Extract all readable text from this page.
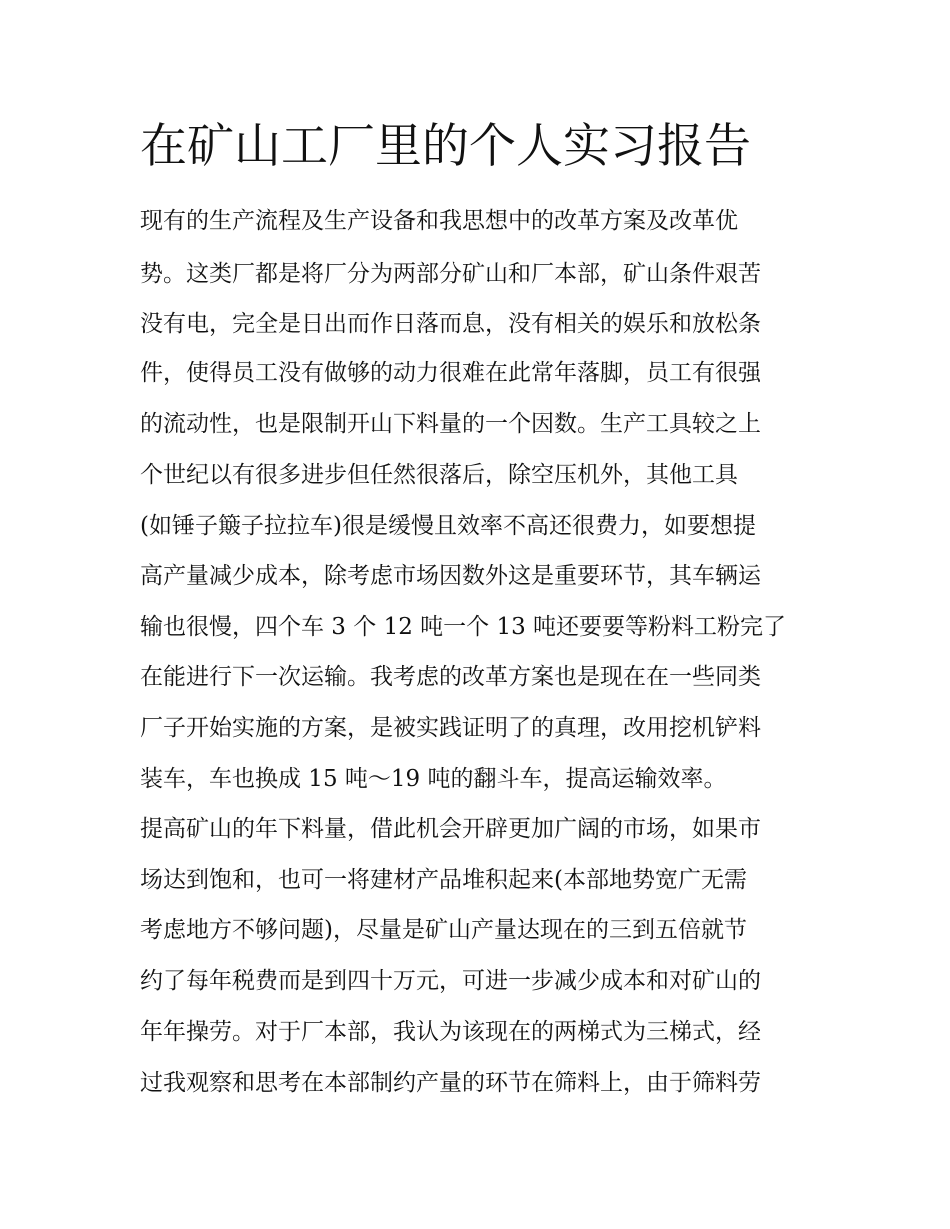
在矿山工厂里的个人实习报告
现有的生产流程及生产设备和我思想中的改革方案及改革优
势。这类厂都是将厂分为两部分矿山和厂本部，矿山条件艰苦
没有电，完全是日出而作日落而息，没有相关的娱乐和放松条
件，使得员工没有做够的动力很难在此常年落脚，员工有很强
的流动性，也是限制开山下料量的一个因数。生产工具较之上
个世纪以有很多进步但任然很落后，除空压机外，其他工具
(如锤子簸子拉拉车)很是缓慢且效率不高还很费力，如要想提
高产量减少成本，除考虑市场因数外这是重要环节，其车辆运
输也很慢，四个车 3 个 12 吨一个 13 吨还要要等粉料工粉完了
在能进行下一次运输。我考虑的改革方案也是现在在一些同类
厂子开始实施的方案，是被实践证明了的真理，改用挖机铲料
装车，车也换成 15 吨～19 吨的翻斗车，提高运输效率。
提高矿山的年下料量，借此机会开辟更加广阔的市场，如果市
场达到饱和，也可一将建材产品堆积起来(本部地势宽广无需
考虑地方不够问题)，尽量是矿山产量达现在的三到五倍就节
约了每年税费而是到四十万元，可进一步减少成本和对矿山的
年年操劳。对于厂本部，我认为该现在的两梯式为三梯式，经
过我观察和思考在本部制约产量的环节在筛料上，由于筛料劳
